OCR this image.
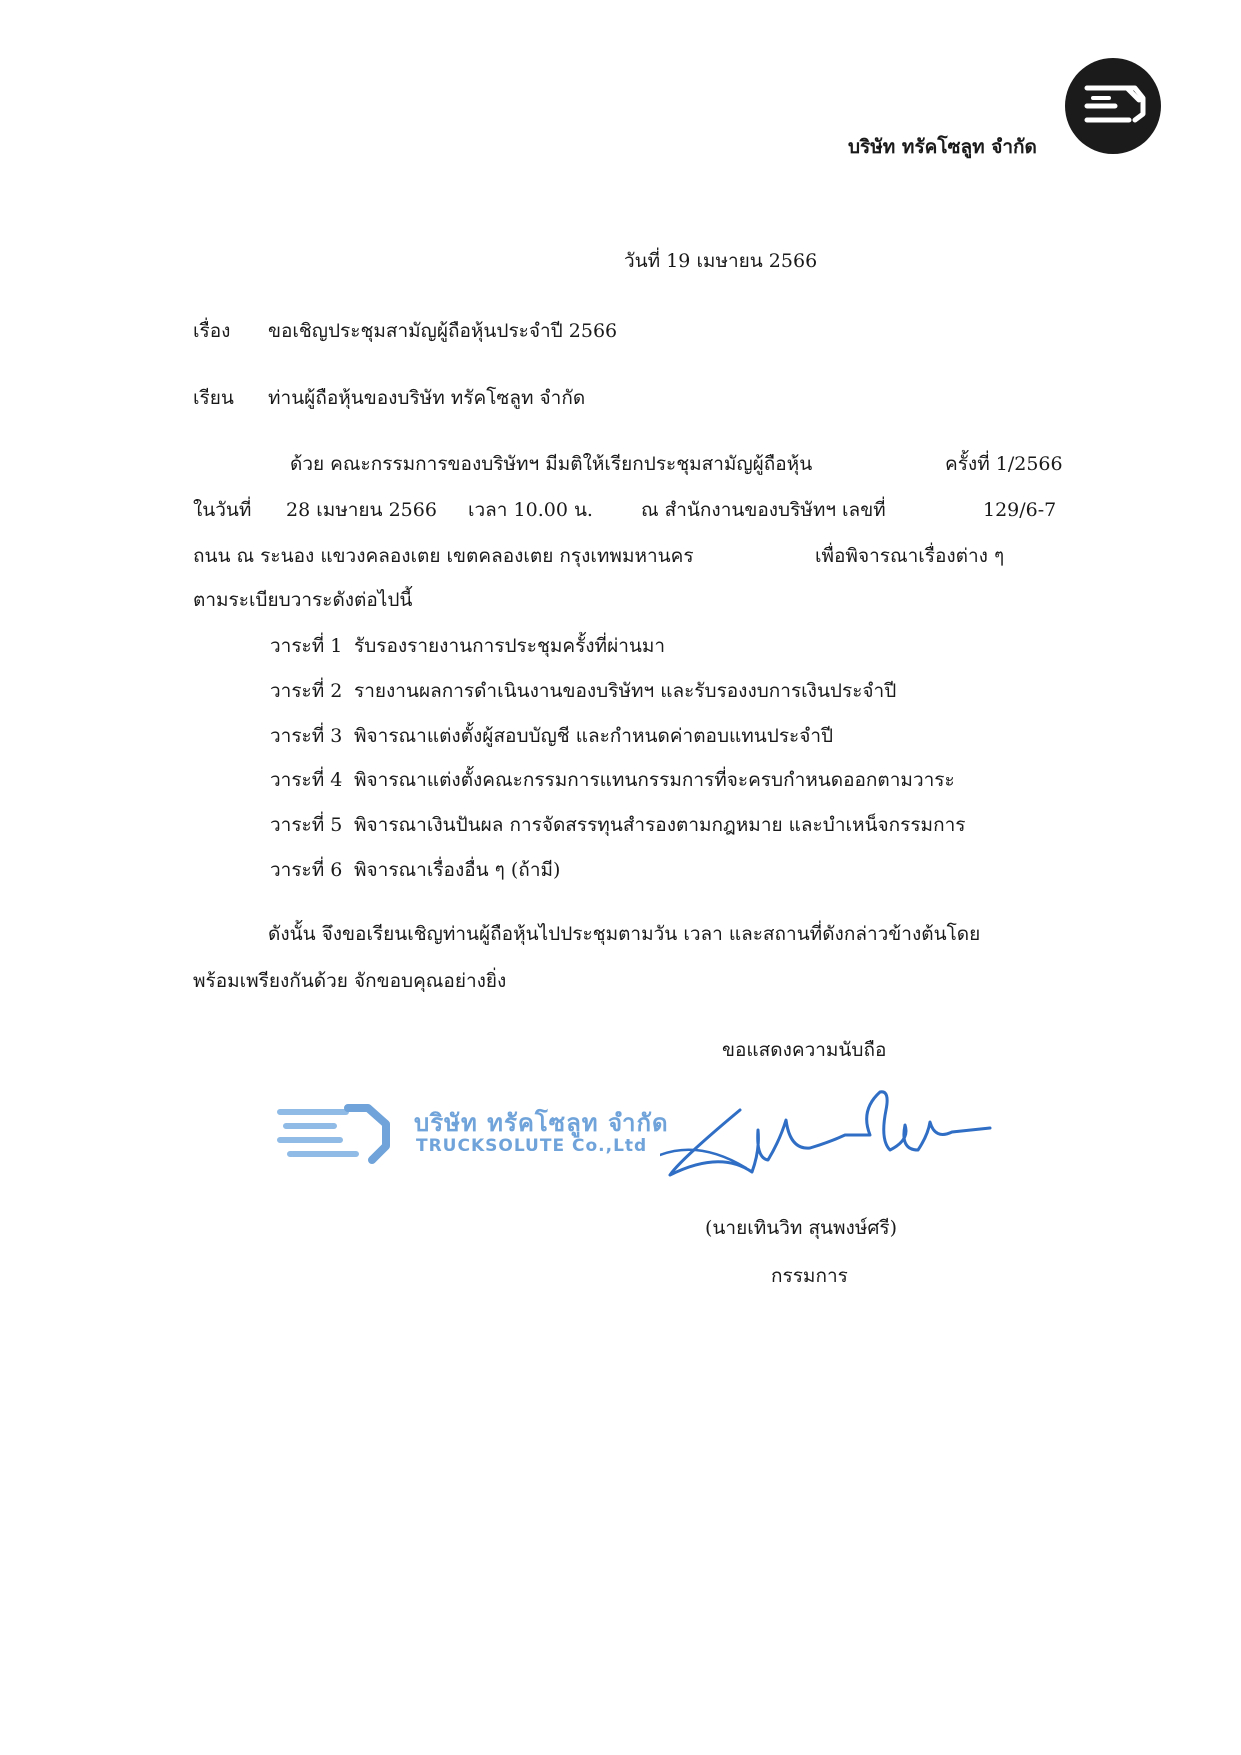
บริษัท ทรัคโซลูท จำกัด
วันที่ 19 เมษายน 2566
เรื่อง ขอเชิญประชุมสามัญผู้ถือหุ้นประจำปี 2566
เรียน ท่านผู้ถือหุ้นของบริษัท ทรัคโซลูท จำกัด
ด้วย คณะกรรมการของบริษัทฯ มีมติให้เรียกประชุมสามัญผู้ถือหุ้น	ครั้งที่ 1/2566
ในวันที่ 28 เมษายน 2566 เวลา 10.00 น.	ณ สำนักงานของบริษัทฯ เลขที่	129/6-7
ถนน ณ ระนอง แขวงคลองเตย เขตคลองเตย กรุงเทพมหานคร	เพื่อพิจารณาเรื่องต่าง ๆ
ตามระเบียบวาระดังต่อไปนี้
วาระที่ 1 รับรองรายงานการประชุมครั้งที่ผ่านมา
วาระที่ 2 รายงานผลการดำเนินงานของบริษัทฯ และรับรองงบการเงินประจำปี
วาระที่ 3 พิจารณาแต่งตั้งผู้สอบบัญชี และกำหนดค่าตอบแทนประจำปี
วาระที่ 4 พิจารณาแต่งตั้งคณะกรรมการแทนกรรมการที่จะครบกำหนดออกตามวาระ
วาระที่ 5 พิจารณาเงินปันผล การจัดสรรทุนสำรองตามกฎหมาย และบำเหน็จกรรมการ
วาระที่ 6 พิจารณาเรื่องอื่น ๆ (ถ้ามี)
ดังนั้น จึงขอเรียนเชิญท่านผู้ถือหุ้นไปประชุมตามวัน เวลา และสถานที่ดังกล่าวข้างต้นโดย
พร้อมเพรียงกันด้วย จักขอบคุณอย่างยิ่ง
ขอแสดงความนับถือ
บริษัท ทรัคโซลูท จำกัด
TRUCKSOLUTE Co.,Ltd
(นายเทินวิท สุนพงษ์ศรี)
กรรมการ
